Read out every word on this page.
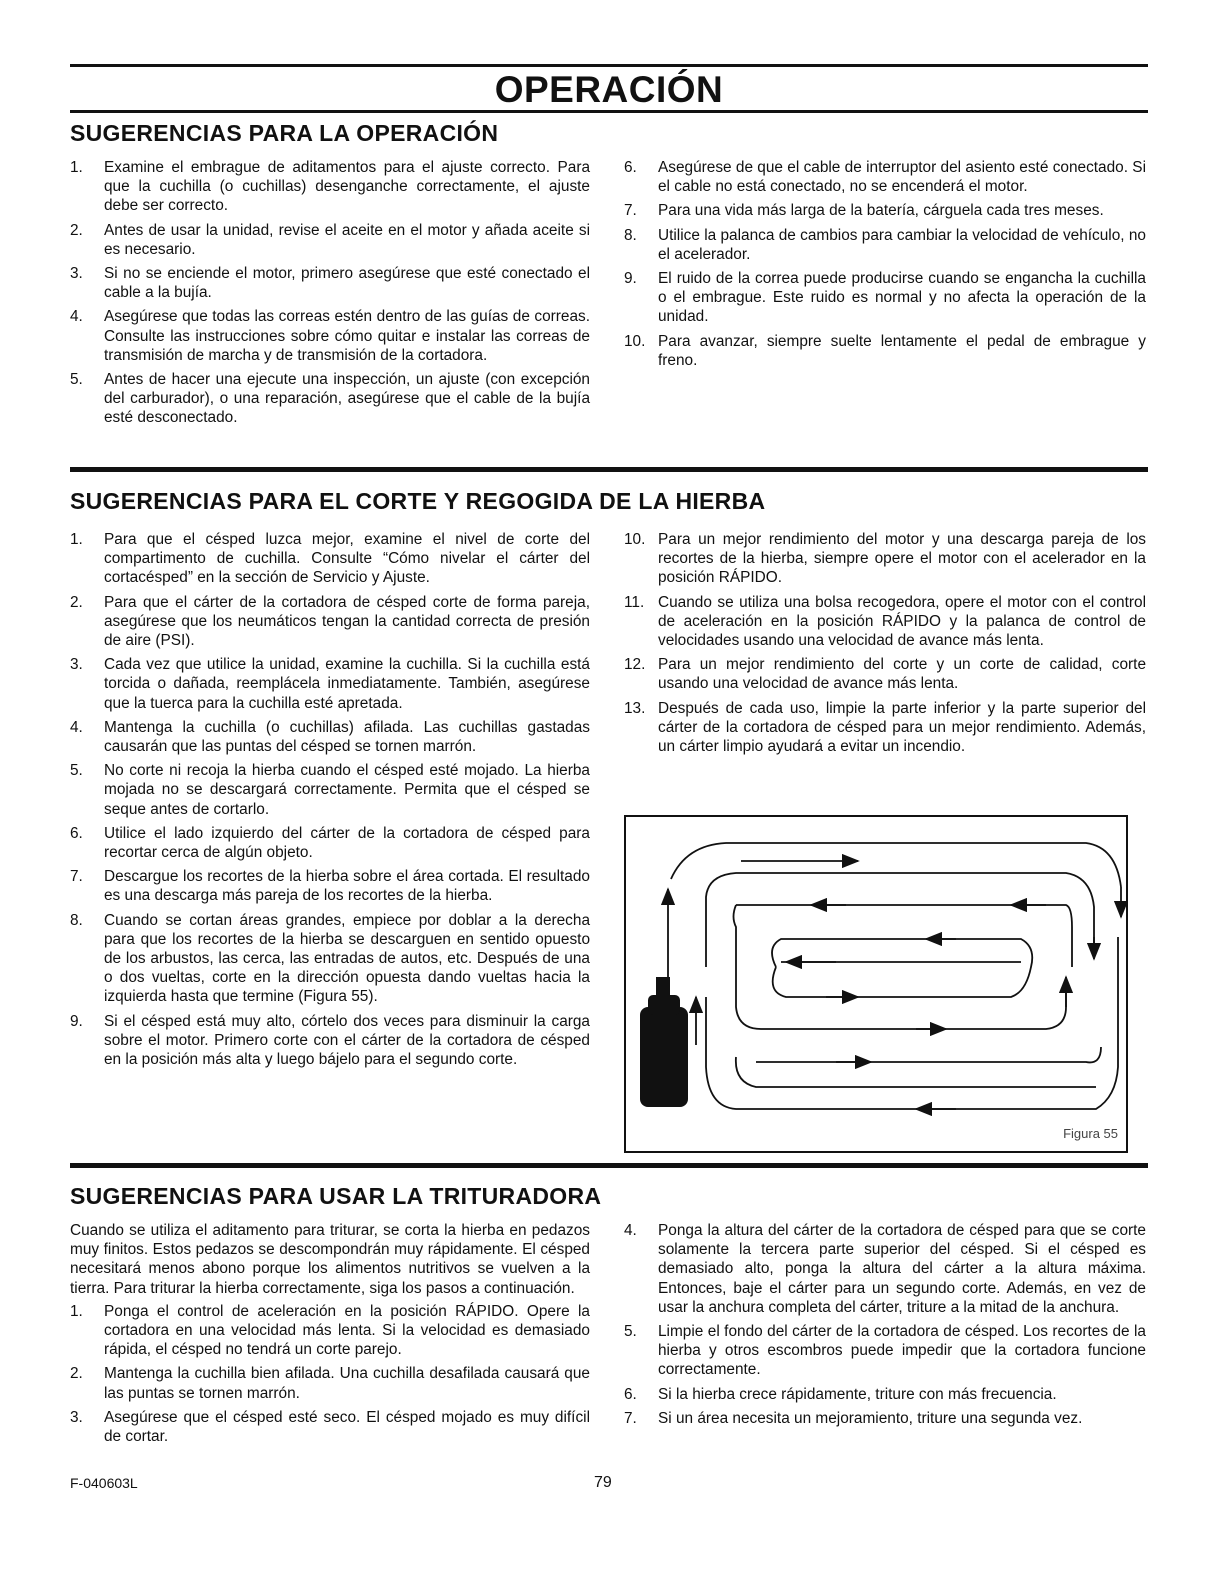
OPERACIÓN
SUGERENCIAS PARA LA OPERACIÓN
1.	Examine el embrague de aditamentos para el ajuste correcto. Para que la cuchilla (o cuchillas) desenganche correctamente, el ajuste debe ser correcto.
2.	Antes de usar la unidad, revise el aceite en el motor y añada aceite si es necesario.
3.	Si no se enciende el motor, primero asegúrese que esté conectado el cable a la bujía.
4.	Asegúrese que todas las correas estén dentro de las guías de correas. Consulte las instrucciones sobre cómo quitar e instalar las correas de transmisión de marcha y de transmisión de la cortadora.
5.	Antes de hacer una ejecute una inspección, un ajuste (con excepción del carburador), o una reparación, asegúrese que el cable de la bujía esté desconectado.
6.	Asegúrese de que el cable de interruptor del asiento esté conectado. Si el cable no está conectado, no se encenderá el motor.
7.	Para una vida más larga de la batería, cárguela cada tres meses.
8.	Utilice la palanca de cambios para cambiar la velocidad de vehículo, no el acelerador.
9.	El ruido de la correa puede producirse cuando se engancha la cuchilla o el embrague. Este ruido es normal y no afecta la operación de la unidad.
10. Para avanzar, siempre suelte lentamente el pedal de embrague y freno.
SUGERENCIAS PARA EL CORTE Y REGOGIDA DE LA HIERBA
1.	Para que el césped luzca mejor, examine el nivel de corte del compartimento de cuchilla. Consulte “Cómo nivelar el cárter del cortacésped” en la sección de Servicio y Ajuste.
2.	Para que el cárter de la cortadora de césped corte de forma pareja, asegúrese que los neumáticos tengan la cantidad correcta de presión de aire (PSI).
3.	Cada vez que utilice la unidad, examine la cuchilla. Si la cuchilla está torcida o dañada, reemplácela inmediatamente. También, asegúrese que la tuerca para la cuchilla esté apretada.
4.	Mantenga la cuchilla (o cuchillas) afilada. Las cuchillas gastadas causarán que las puntas del césped se tornen marrón.
5.	No corte ni recoja la hierba cuando el césped esté mojado. La hierba mojada no se descargará correctamente. Permita que el césped se seque antes de cortarlo.
6.	Utilice el lado izquierdo del cárter de la cortadora de césped para recortar cerca de algún objeto.
7.	Descargue los recortes de la hierba sobre el área cortada. El resultado es una descarga más pareja de los recortes de la hierba.
8.	Cuando se cortan áreas grandes, empiece por doblar a la derecha para que los recortes de la hierba se descarguen en sentido opuesto de los arbustos, las cerca, las entradas de autos, etc. Después de una o dos vueltas, corte en la dirección opuesta dando vueltas hacia la izquierda hasta que termine (Figura 55).
9.	Si el césped está muy alto, córtelo dos veces para disminuir la carga sobre el motor. Primero corte con el cárter de la cortadora de césped en la posición más alta y luego bájelo para el segundo corte.
10. Para un mejor rendimiento del motor y una descarga pareja de los recortes de la hierba, siempre opere el motor con el acelerador en la posición RÁPIDO.
11. Cuando se utiliza una bolsa recogedora, opere el motor con el control de aceleración en la posición RÁPIDO y la palanca de control de velocidades usando una velocidad de avance más lenta.
12. Para un mejor rendimiento del corte y un corte de calidad, corte usando una velocidad de avance más lenta.
13. Después de cada uso, limpie la parte inferior y la parte superior del cárter de la cortadora de césped para un mejor rendimiento. Además, un cárter limpio ayudará a evitar un incendio.
Figura 55
SUGERENCIAS PARA USAR LA TRITURADORA

Cuando se utiliza el aditamento para triturar, se corta la hierba en pedazos muy finitos. Estos pedazos se descompondrán muy rápidamente. El césped necesitará menos abono porque los alimentos nutritivos se vuelven a la tierra. Para triturar la hierba correctamente, siga los pasos a continuación.

1.	Ponga el control de aceleración en la posición RÁPIDO. Opere la cortadora en una velocidad más lenta. Si la velocidad es demasiado rápida, el césped no tendrá un corte parejo.
2.	Mantenga la cuchilla bien afilada. Una cuchilla desafilada causará que las puntas se tornen marrón.
3.	Asegúrese que el césped esté seco. El césped mojado es muy difícil de cortar.
4.	Ponga la altura del cárter de la cortadora de césped para que se corte solamente la tercera parte superior del césped. Si el césped es demasiado alto, ponga la altura del cárter a la altura máxima. Entonces, baje el cárter para un segundo corte. Además, en vez de usar la anchura completa del cárter, triture a la mitad de la anchura.
5.	Limpie el fondo del cárter de la cortadora de césped. Los recortes de la hierba y otros escombros puede impedir que la cortadora funcione correctamente.
6.	Si la hierba crece rápidamente, triture con más frecuencia.
7.	Si un área necesita un mejoramiento, triture una segunda vez.
F-040603L	79
